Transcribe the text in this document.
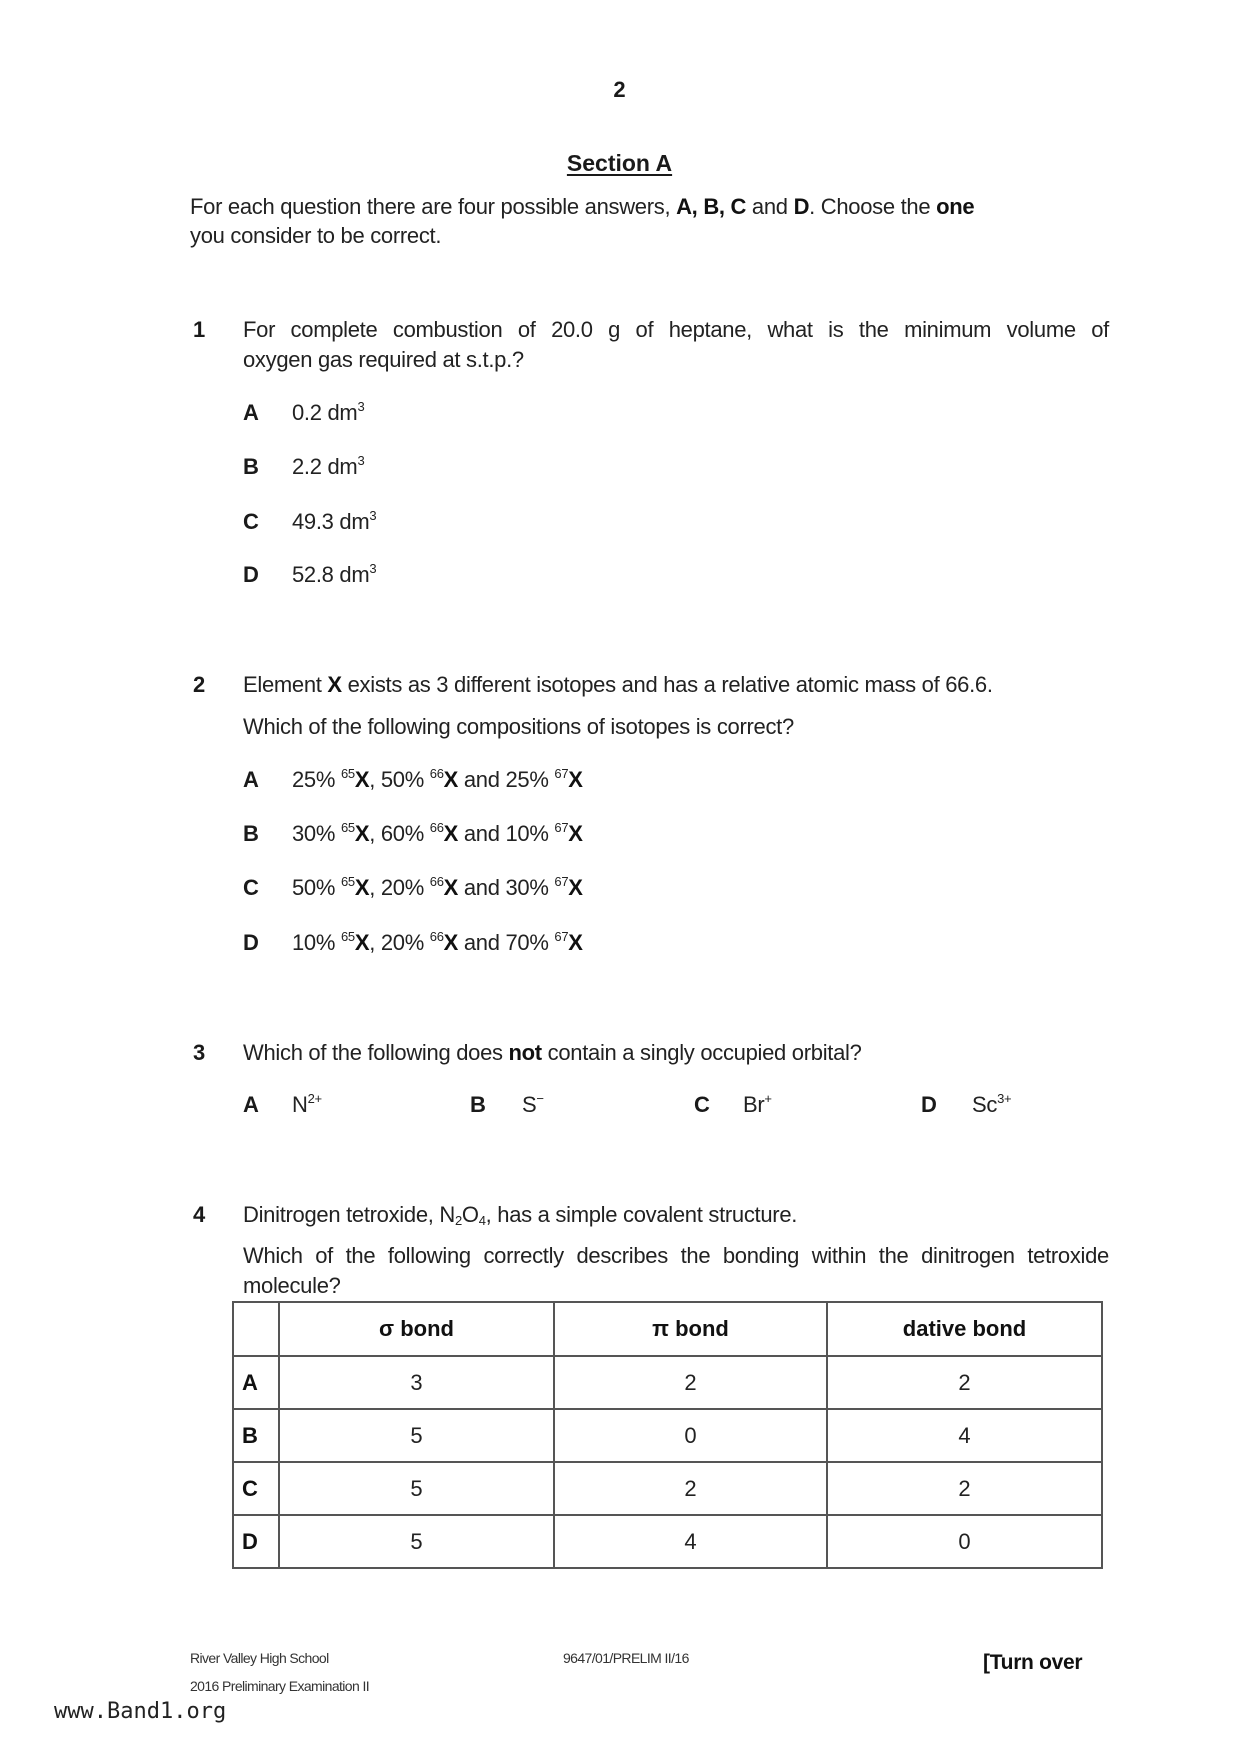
2
Section A
For each question there are four possible answers, A, B, C and D. Choose the one
you consider to be correct.
1 For complete combustion of 20.0 g of heptane, what is the minimum volume of
oxygen gas required at s.t.p.?
A 0.2 $dm^3$
B 2.2 $dm^3$
C 49.3 $dm^3$
D 52.8 $dm^3$
2 Element X exists as 3 different isotopes and has a relative atomic mass of 66.6.
Which of the following compositions of isotopes is correct?
A 25% $^{65}$X, 50% $^{66}$X and 25% $^{67}$X
B 30% $^{65}$X, 60% $^{66}$X and 10% $^{67}$X
C 50% $^{65}$X, 20% $^{66}$X and 30% $^{67}$X
D 10% $^{65}$X, 20% $^{66}$X and 70% $^{67}$X
3 Which of the following does not contain a singly occupied orbital?
A $N^{2+}$	B S−	C Br+	D $Sc^{3+}$
4 Dinitrogen tetroxide, $N_2O_4$, has a simple covalent structure.
Which of the following correctly describes the bonding within the dinitrogen tetroxide
molecule?
	σ bond	π bond	dative bond
A	3	2	2
B	5	0	4
C	5	2	2
D	5	4	0
River Valley High School
2016 Preliminary Examination II
9647/01/PRELIM II/16	[Turn over
www.Band1.org
